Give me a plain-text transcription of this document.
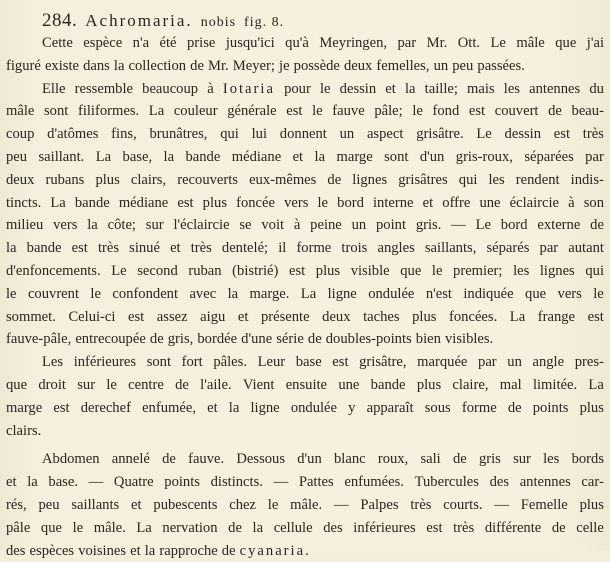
284. Achromaria. nobis fig. 8.
Cette espèce n'a été prise jusqu'ici qu'à Meyringen, par Mr. Ott. Le mâle que j'ai
figuré existe dans la collection de Mr. Meyer; je possède deux femelles, un peu passées.
Elle ressemble beaucoup à Iotaria pour le dessin et la taille; mais les antennes du
mâle sont filiformes. La couleur générale est le fauve pâle; le fond est couvert de beau-
coup d'atômes fins, brunâtres, qui lui donnent un aspect grisâtre. Le dessin est très
peu saillant. La base, la bande médiane et la marge sont d'un gris-roux, séparées par
deux rubans plus clairs, recouverts eux-mêmes de lignes grisâtres qui les rendent indis-
tincts. La bande médiane est plus foncée vers le bord interne et offre une éclaircie à son
milieu vers la côte; sur l'éclaircie se voit à peine un point gris. — Le bord externe de
la bande est très sinué et très dentelé; il forme trois angles saillants, séparés par autant
d'enfoncements. Le second ruban (bistrié) est plus visible que le premier; les lignes qui
le couvrent le confondent avec la marge. La ligne ondulée n'est indiquée que vers le
sommet. Celui-ci est assez aigu et présente deux taches plus foncées. La frange est
fauve-pâle, entrecoupée de gris, bordée d'une série de doubles-points bien visibles.
Les inférieures sont fort pâles. Leur base est grisâtre, marquée par un angle pres-
que droit sur le centre de l'aile. Vient ensuite une bande plus claire, mal limitée. La
marge est derechef enfumée, et la ligne ondulée y apparaît sous forme de points plus
clairs.
Abdomen annelé de fauve. Dessous d'un blanc roux, sali de gris sur les bords
et la base. — Quatre points distincts. — Pattes enfumées. Tubercules des antennes car-
rés, peu saillants et pubescents chez le mâle. — Palpes très courts. — Femelle plus
pâle que le mâle. La nervation de la cellule des inférieures est très différente de celle
des espèces voisines et la rapproche de cyanaria.
